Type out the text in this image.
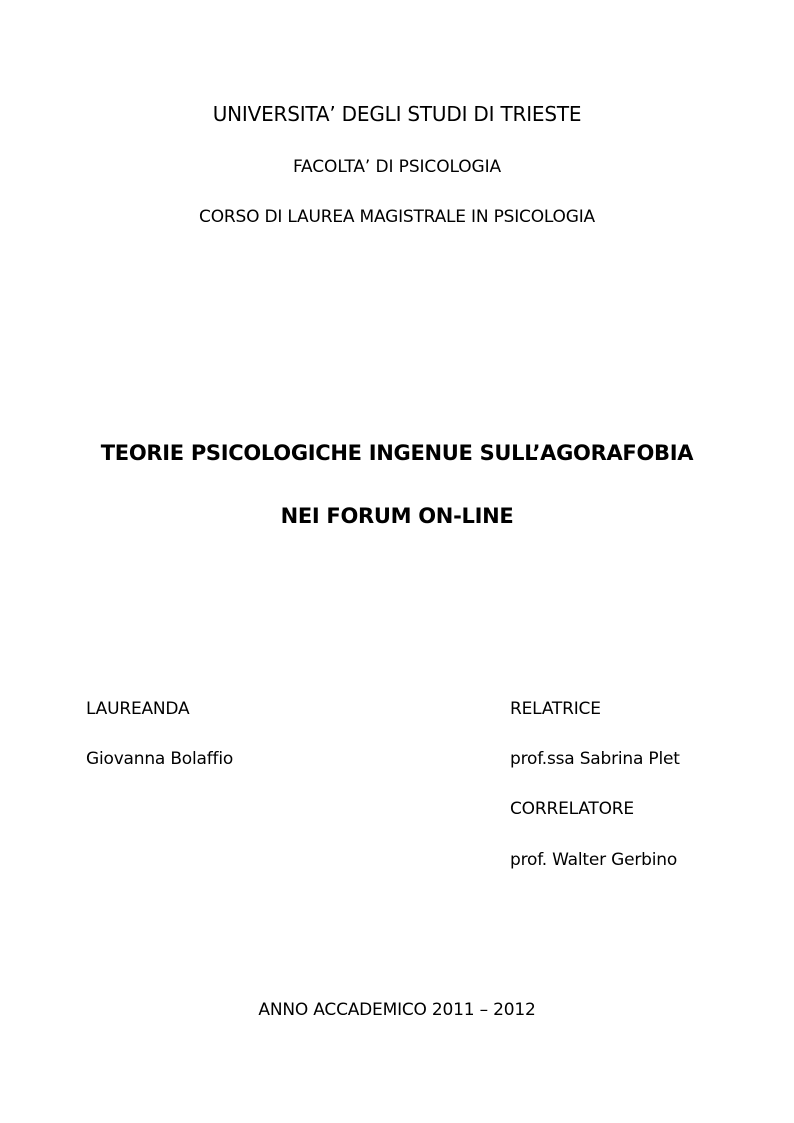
UNIVERSITA’ DEGLI STUDI DI TRIESTE
FACOLTA’ DI PSICOLOGIA
CORSO DI LAUREA MAGISTRALE IN PSICOLOGIA
TEORIE PSICOLOGICHE INGENUE SULL’AGORAFOBIA
NEI FORUM ON-LINE
LAUREANDA
Giovanna Bolaffio
RELATRICE
prof.ssa Sabrina Plet
CORRELATORE
prof. Walter Gerbino
ANNO ACCADEMICO 2011 – 2012
